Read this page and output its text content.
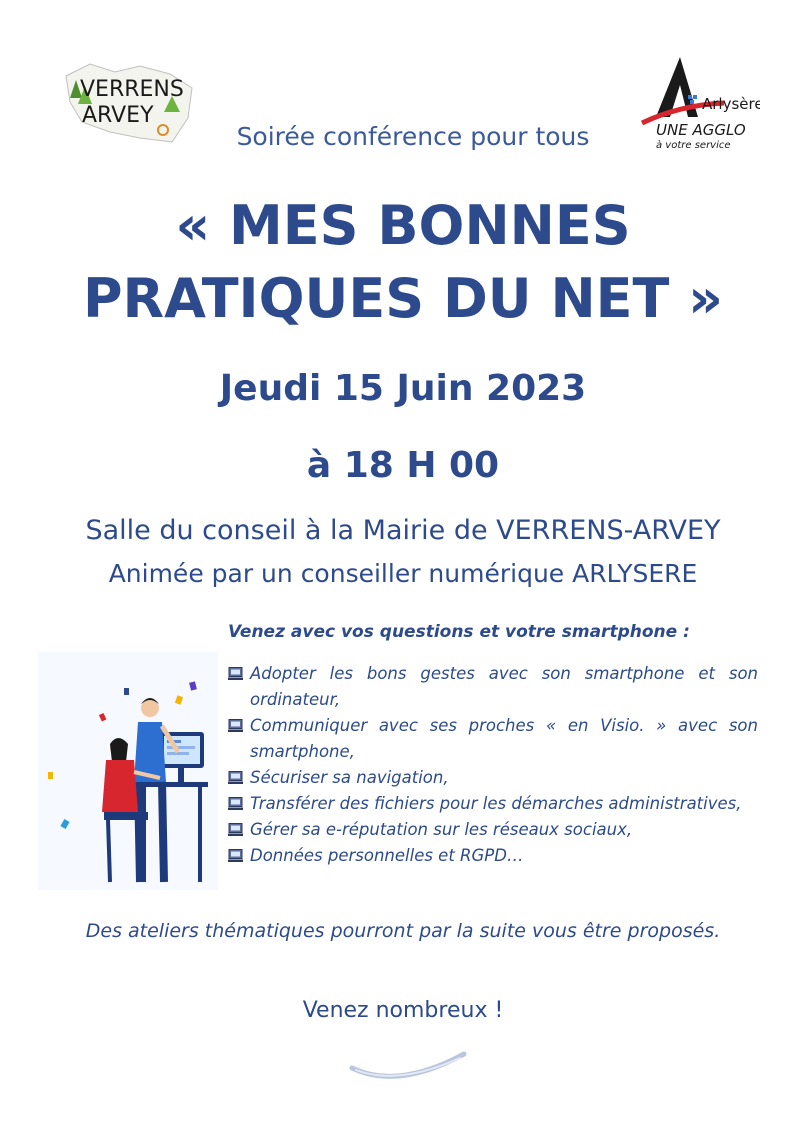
VERRENS
ARVEY	Arlysère
UNE AGGLO
à votre service
Soirée conférence pour tous
« MES BONNES
PRATIQUES DU NET »
Jeudi 15 Juin 2023
à 18 H 00
Salle du conseil à la Mairie de VERRENS-ARVEY
Animée par un conseiller numérique ARLYSERE
Venez avec vos questions et votre smartphone :
Adopter les bons gestes avec son smartphone et son ordinateur,
Communiquer avec ses proches « en Visio. » avec son smartphone,
Sécuriser sa navigation,
Transférer des fichiers pour les démarches administratives,
Gérer sa e-réputation sur les réseaux sociaux,
Données personnelles et RGPD…
Des ateliers thématiques pourront par la suite vous être proposés.
Venez nombreux !
